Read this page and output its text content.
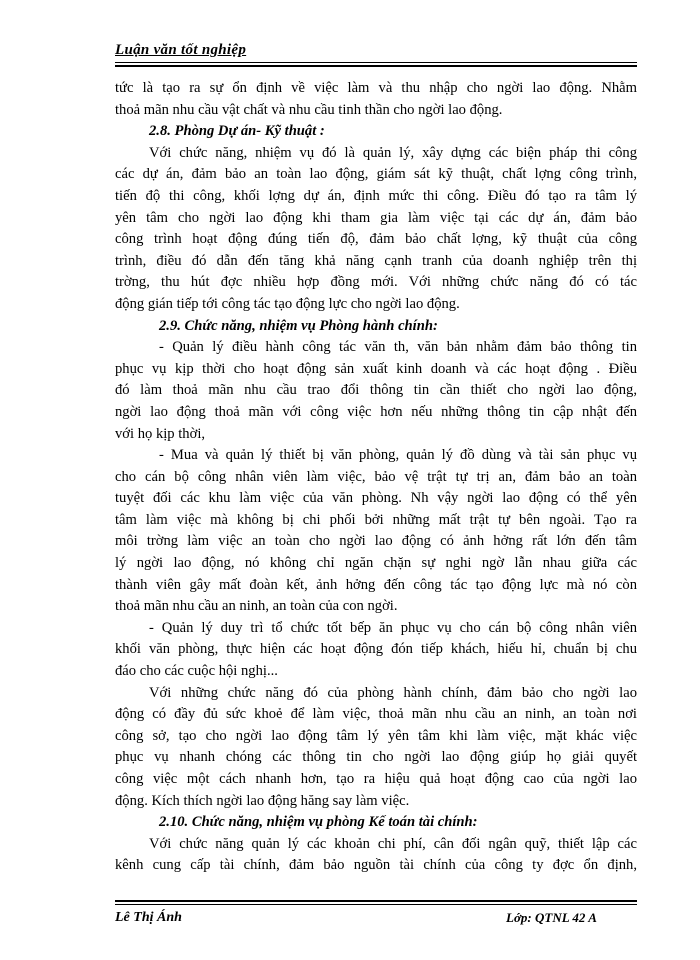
Luận văn tốt nghiệp
tức là tạo ra sự ổn định về việc làm và thu nhập cho ngời lao động. Nhằm
thoả mãn nhu cầu vật chất và nhu cầu tinh thần cho ngời lao động.
2.8. Phòng Dự án- Kỹ thuật :
Với chức năng, nhiệm vụ đó là quản lý, xây dựng các biện pháp thi công
các dự án, đảm bảo an toàn lao động, giám sát kỹ thuật, chất lợng công trình,
tiến độ thi công, khối lợng dự án, định mức thi công. Điều đó tạo ra tâm lý
yên tâm cho ngời lao động khi tham gia làm việc tại các dự án, đảm bảo
công trình hoạt động đúng tiến độ, đảm bảo chất lợng, kỹ thuật của công
trình, điều đó dẫn đến tăng khả năng cạnh tranh của doanh nghiệp trên thị
trờng, thu hút đợc nhiều hợp đồng mới. Với những chức năng đó có tác
động gián tiếp tới công tác tạo động lực cho ngời lao động.
2.9. Chức năng, nhiệm vụ Phòng hành chính:
- Quản lý điều hành công tác văn th, văn bản nhằm đảm bảo thông tin
phục vụ kịp thời cho hoạt động sản xuất kinh doanh và các hoạt động . Điều
đó làm thoả mãn nhu cầu trao đổi thông tin cần thiết cho ngời lao động,
ngời lao động thoả mãn với công việc hơn nếu những thông tin cập nhật đến
với họ kịp thời,
- Mua và quản lý thiết bị văn phòng, quản lý đồ dùng và tài sản phục vụ
cho cán bộ công nhân viên làm việc, bảo vệ trật tự trị an, đảm bảo an toàn
tuyệt đối các khu làm việc của văn phòng. Nh vậy ngời lao động có thể yên
tâm làm việc mà không bị chi phối bởi những mất trật tự bên ngoài. Tạo ra
môi trờng làm việc an toàn cho ngời lao động có ảnh hởng rất lớn đến tâm
lý ngời lao động, nó không chỉ ngăn chặn sự nghi ngờ lẫn nhau giữa các
thành viên gây mất đoàn kết, ảnh hởng đến công tác tạo động lực mà nó còn
thoả mãn nhu cầu an ninh, an toàn của con ngời.
- Quản lý duy trì tổ chức tốt bếp ăn phục vụ cho cán bộ công nhân viên
khối văn phòng, thực hiện các hoạt động đón tiếp khách, hiếu hỉ, chuẩn bị chu
đáo cho các cuộc hội nghị...
Với những chức năng đó của phòng hành chính, đảm bảo cho ngời lao
động có đầy đủ sức khoẻ để làm việc, thoả mãn nhu cầu an ninh, an toàn nơi
công sở, tạo cho ngời lao động tâm lý yên tâm khi làm việc, mặt khác việc
phục vụ nhanh chóng các thông tin cho ngời lao động giúp họ giải quyết
công việc một cách nhanh hơn, tạo ra hiệu quả hoạt động cao của ngời lao
động. Kích thích ngời lao động hăng say làm việc.
2.10. Chức năng, nhiệm vụ phòng Kế toán tài chính:
Với chức năng quản lý các khoản chi phí, cân đối ngân quỹ, thiết lập các
kênh cung cấp tài chính, đảm bảo nguồn tài chính của công ty đợc ổn định,
Lê Thị Ánh	Lớp: QTNL 42 A
